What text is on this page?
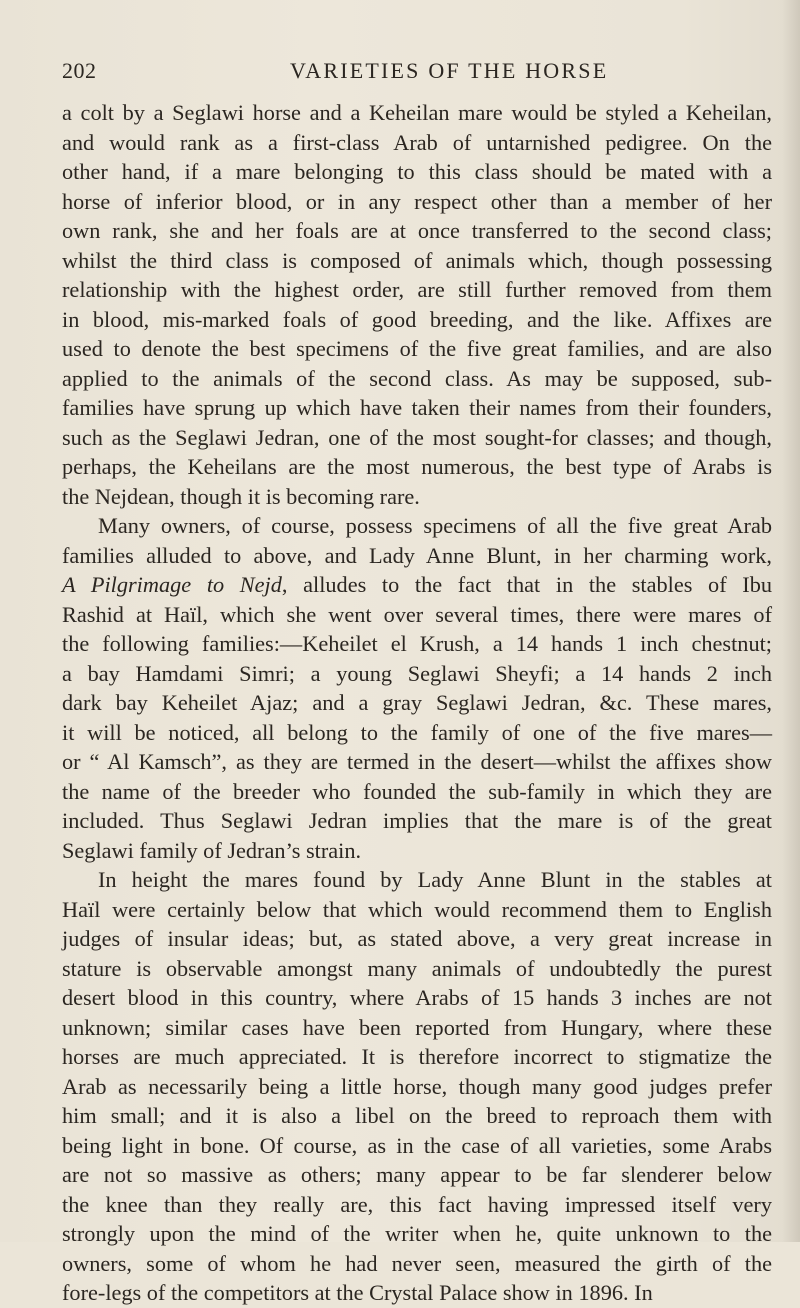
202	VARIETIES OF THE HORSE
a colt by a Seglawi horse and a Keheilan mare would be styled a Keheilan,
and would rank as a first-class Arab of untarnished pedigree. On the
other hand, if a mare belonging to this class should be mated with a
horse of inferior blood, or in any respect other than a member of her
own rank, she and her foals are at once transferred to the second class;
whilst the third class is composed of animals which, though possessing
relationship with the highest order, are still further removed from them
in blood, mis-marked foals of good breeding, and the like. Affixes are
used to denote the best specimens of the five great families, and are also
applied to the animals of the second class. As may be supposed, sub-
families have sprung up which have taken their names from their founders,
such as the Seglawi Jedran, one of the most sought-for classes; and though,
perhaps, the Keheilans are the most numerous, the best type of Arabs is
the Nejdean, though it is becoming rare.
Many owners, of course, possess specimens of all the five great Arab
families alluded to above, and Lady Anne Blunt, in her charming work,
A Pilgrimage to Nejd, alludes to the fact that in the stables of Ibu
Rashid at Haïl, which she went over several times, there were mares of
the following families:—Keheilet el Krush, a 14 hands 1 inch chestnut;
a bay Hamdami Simri; a young Seglawi Sheyfi; a 14 hands 2 inch
dark bay Keheilet Ajaz; and a gray Seglawi Jedran, &c. These mares,
it will be noticed, all belong to the family of one of the five mares—
or “ Al Kamsch”, as they are termed in the desert—whilst the affixes show
the name of the breeder who founded the sub-family in which they are
included. Thus Seglawi Jedran implies that the mare is of the great
Seglawi family of Jedran’s strain.
In height the mares found by Lady Anne Blunt in the stables at
Haïl were certainly below that which would recommend them to English
judges of insular ideas; but, as stated above, a very great increase in
stature is observable amongst many animals of undoubtedly the purest
desert blood in this country, where Arabs of 15 hands 3 inches are not
unknown; similar cases have been reported from Hungary, where these
horses are much appreciated. It is therefore incorrect to stigmatize the
Arab as necessarily being a little horse, though many good judges prefer
him small; and it is also a libel on the breed to reproach them with
being light in bone. Of course, as in the case of all varieties, some Arabs
are not so massive as others; many appear to be far slenderer below
the knee than they really are, this fact having impressed itself very
strongly upon the mind of the writer when he, quite unknown to the
owners, some of whom he had never seen, measured the girth of the
fore-legs of the competitors at the Crystal Palace show in 1896. In
